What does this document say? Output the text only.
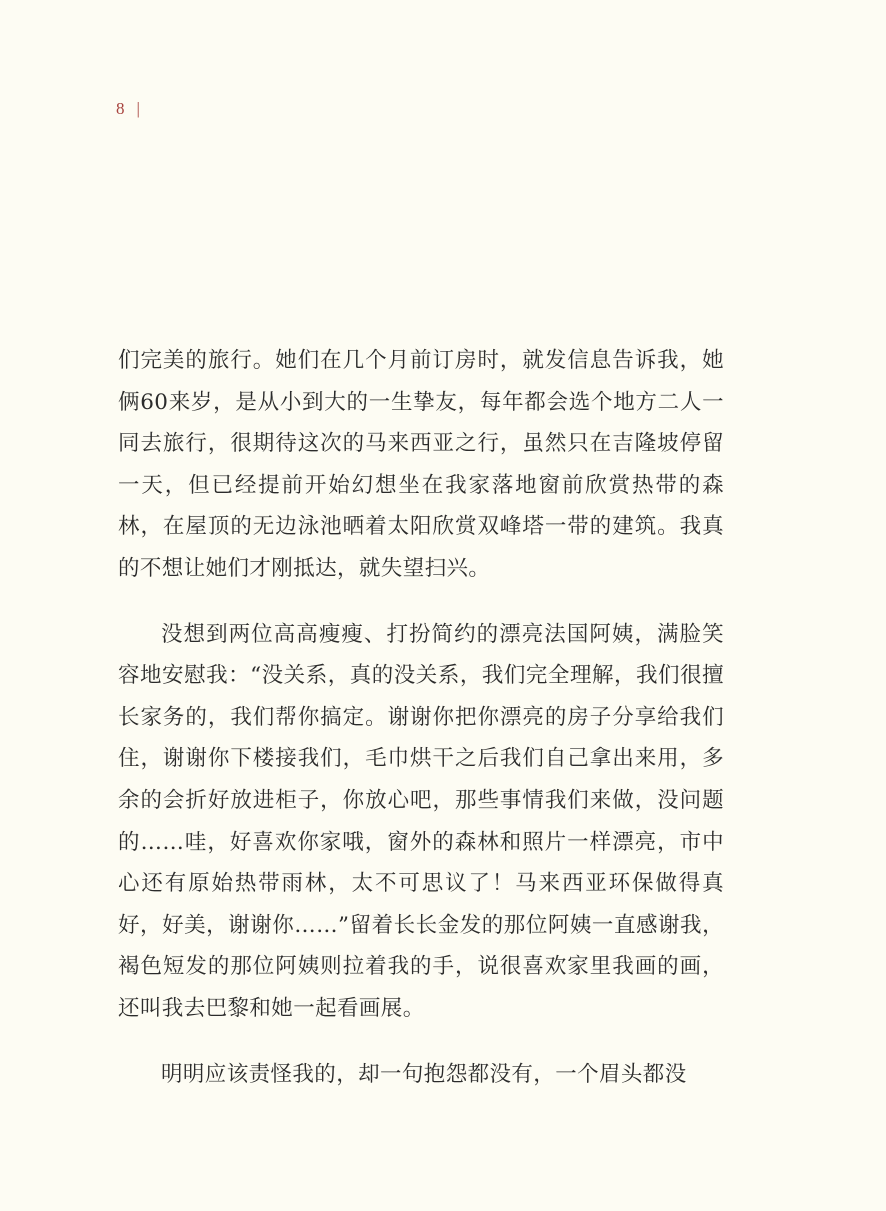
8 |

们完美的旅行。她们在几个月前订房时，就发信息告诉我，她俩60来岁，是从小到大的一生挚友，每年都会选个地方二人一同去旅行，很期待这次的马来西亚之行，虽然只在吉隆坡停留一天，但已经提前开始幻想坐在我家落地窗前欣赏热带的森林，在屋顶的无边泳池晒着太阳欣赏双峰塔一带的建筑。我真的不想让她们才刚抵达，就失望扫兴。

没想到两位高高瘦瘦、打扮简约的漂亮法国阿姨，满脸笑容地安慰我：“没关系，真的没关系，我们完全理解，我们很擅长家务的，我们帮你搞定。谢谢你把你漂亮的房子分享给我们住，谢谢你下楼接我们，毛巾烘干之后我们自己拿出来用，多余的会折好放进柜子，你放心吧，那些事情我们来做，没问题的……哇，好喜欢你家哦，窗外的森林和照片一样漂亮，市中心还有原始热带雨林，太不可思议了！马来西亚环保做得真好，好美，谢谢你……”留着长长金发的那位阿姨一直感谢我，褐色短发的那位阿姨则拉着我的手，说很喜欢家里我画的画，还叫我去巴黎和她一起看画展。

明明应该责怪我的，却一句抱怨都没有，一个眉头都没
